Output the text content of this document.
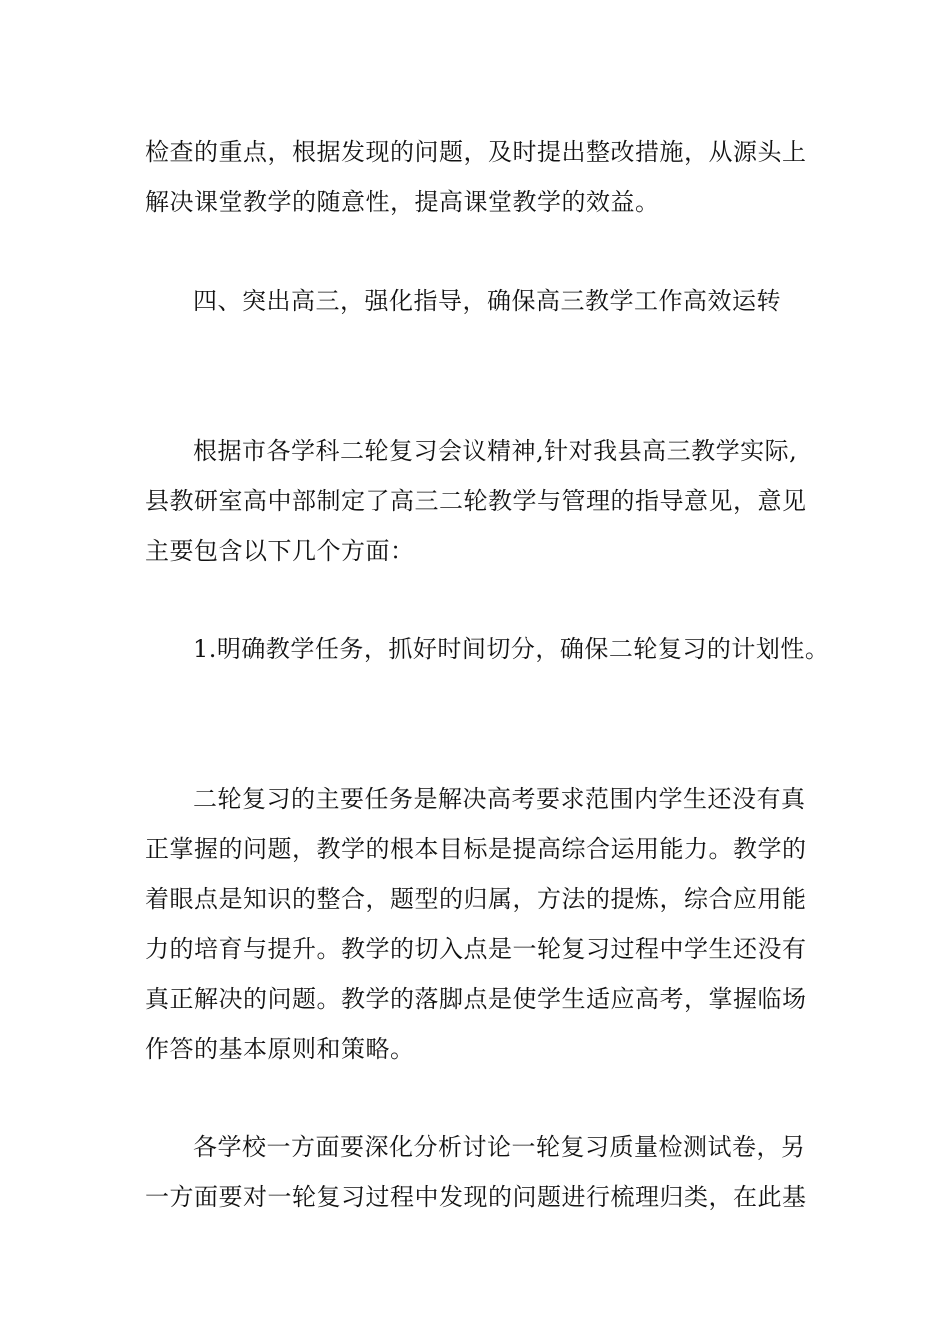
检查的重点，根据发现的问题，及时提出整改措施，从源头上
解决课堂教学的随意性，提高课堂教学的效益。
四、突出高三，强化指导，确保高三教学工作高效运转
根据市各学科二轮复习会议精神,针对我县高三教学实际,
县教研室高中部制定了高三二轮教学与管理的指导意见，意见
主要包含以下几个方面：
1.明确教学任务，抓好时间切分，确保二轮复习的计划性。
二轮复习的主要任务是解决高考要求范围内学生还没有真
正掌握的问题，教学的根本目标是提高综合运用能力。教学的
着眼点是知识的整合，题型的归属，方法的提炼，综合应用能
力的培育与提升。教学的切入点是一轮复习过程中学生还没有
真正解决的问题。教学的落脚点是使学生适应高考，掌握临场
作答的基本原则和策略。
各学校一方面要深化分析讨论一轮复习质量检测试卷，另
一方面要对一轮复习过程中发现的问题进行梳理归类，在此基
